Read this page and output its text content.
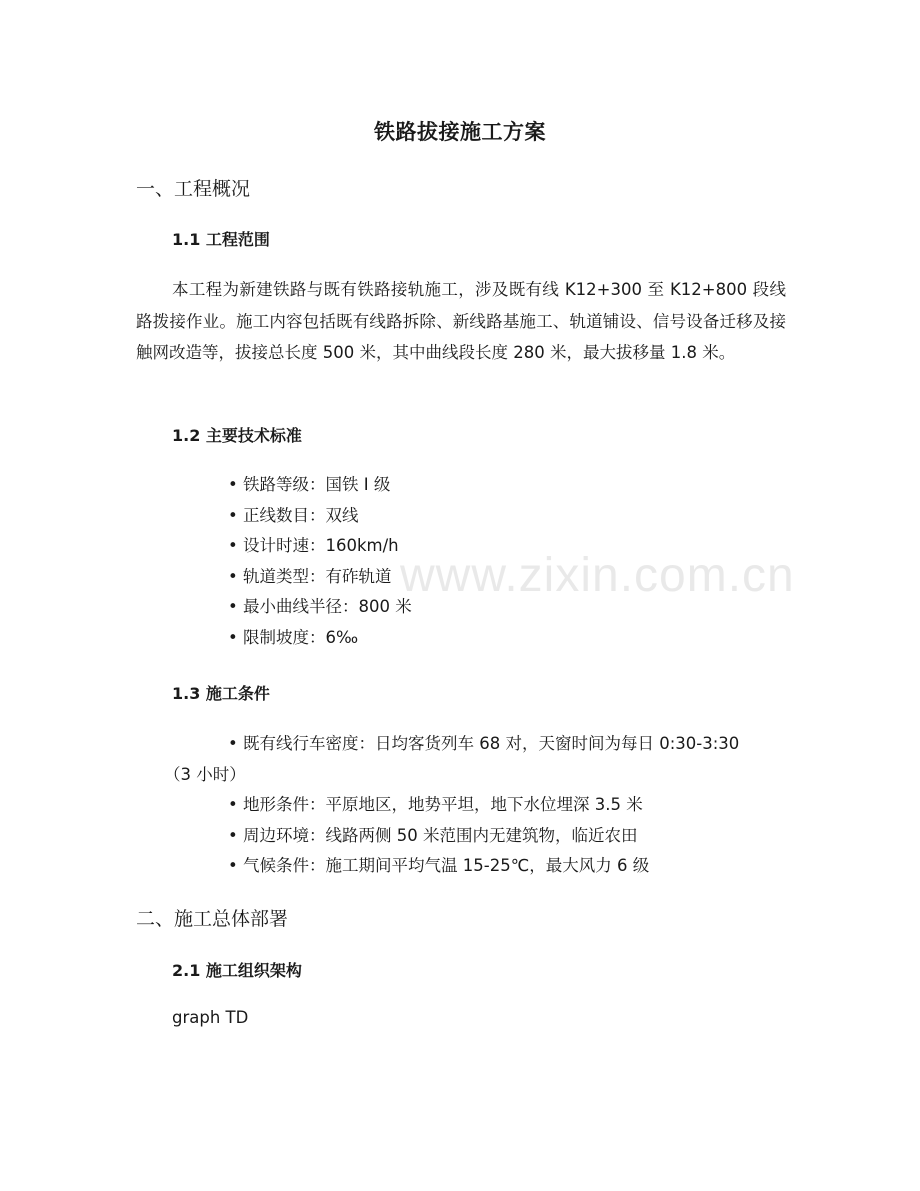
铁路拔接施工方案
一、工程概况
1.1 工程范围

本工程为新建铁路与既有铁路接轨施工，涉及既有线 K12+300 至 K12+800 段线路拨接作业。施工内容包括既有线路拆除、新线路基施工、轨道铺设、信号设备迁移及接触网改造等，拔接总长度 500 米，其中曲线段长度 280 米，最大拔移量 1.8 米。

1.2 主要技术标准
• 铁路等级：国铁 I 级
• 正线数目：双线
• 设计时速：160km/h
• 轨道类型：有砟轨道
• 最小曲线半径：800 米
• 限制坡度：6‰
1.3 施工条件
• 既有线行车密度：日均客货列车 68 对，天窗时间为每日 0:30-3:30
（3 小时）
• 地形条件：平原地区，地势平坦，地下水位埋深 3.5 米
• 周边环境：线路两侧 50 米范围内无建筑物，临近农田
• 气候条件：施工期间平均气温 15-25℃，最大风力 6 级
二、施工总体部署
2.1 施工组织架构

graph TD

www.zixin.com.cn
